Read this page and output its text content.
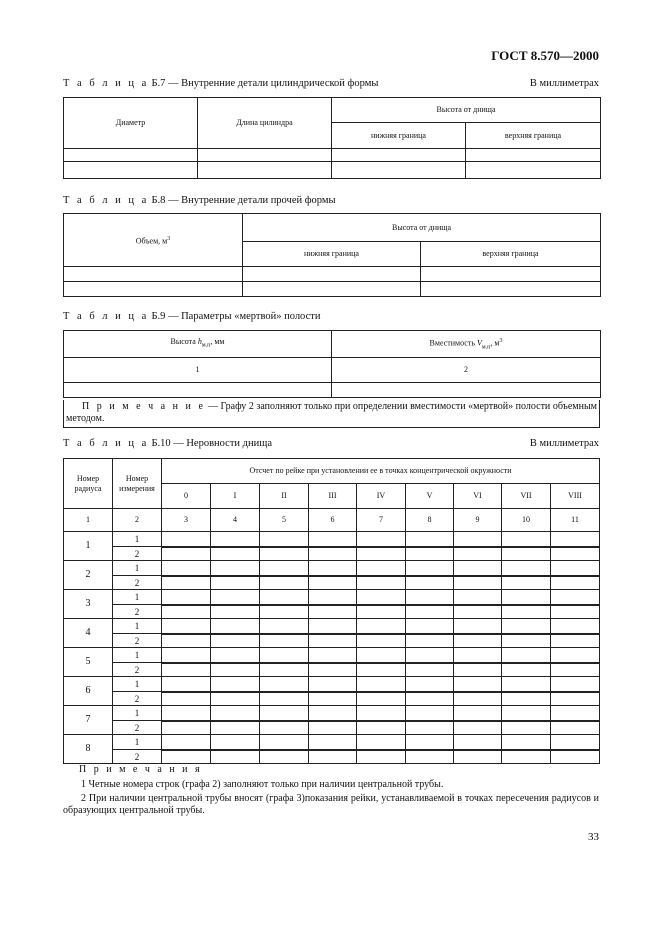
ГОСТ 8.570—2000
Т а б л и ц а Б.7 — Внутренние детали цилиндрической формы	В миллиметрах
Диаметр	Длина цилиндра	Высота от днища	
		нижняя граница	верхняя граница

Т а б л и ц а Б.8 — Внутренние детали прочей формы
Объем, $м^3$	Высота от днища	
	нижняя граница	верхняя граница

Т а б л и ц а Б.9 — Параметры «мертвой» полости
Высота $h_{м.п}$, мм	Вместимость $V_{м.п}$, $м^3$
1	2

П р и м е ч а н и е — Графу 2 заполняют только при определении вместимости «мертвой» полости объемным методом.
Т а б л и ц а Б.10 — Неровности днища	В миллиметрах
Номер радиуса	Номер измерения	Отсчет по рейке при установлении ее в точках концентрической окружности								
		0	I	II	III	IV	V	VI	VII	VIII
1	2	3	4	5	6	7	8	9	10	11
1	1									
	2									
2	1									
	2									
3	1									
	2									
4	1									
	2									
5	1									
	2									
6	1									
	2									
7	1									
	2									
8	1									
	2									
П р и м е ч а н и я
1 Четные номера строк (графа 2) заполняют только при наличии центральной трубы.
2 При наличии центральной трубы вносят (графа 3)показания рейки, устанавливаемой в точках пересечения радиусов и образующих центральной трубы.
33
